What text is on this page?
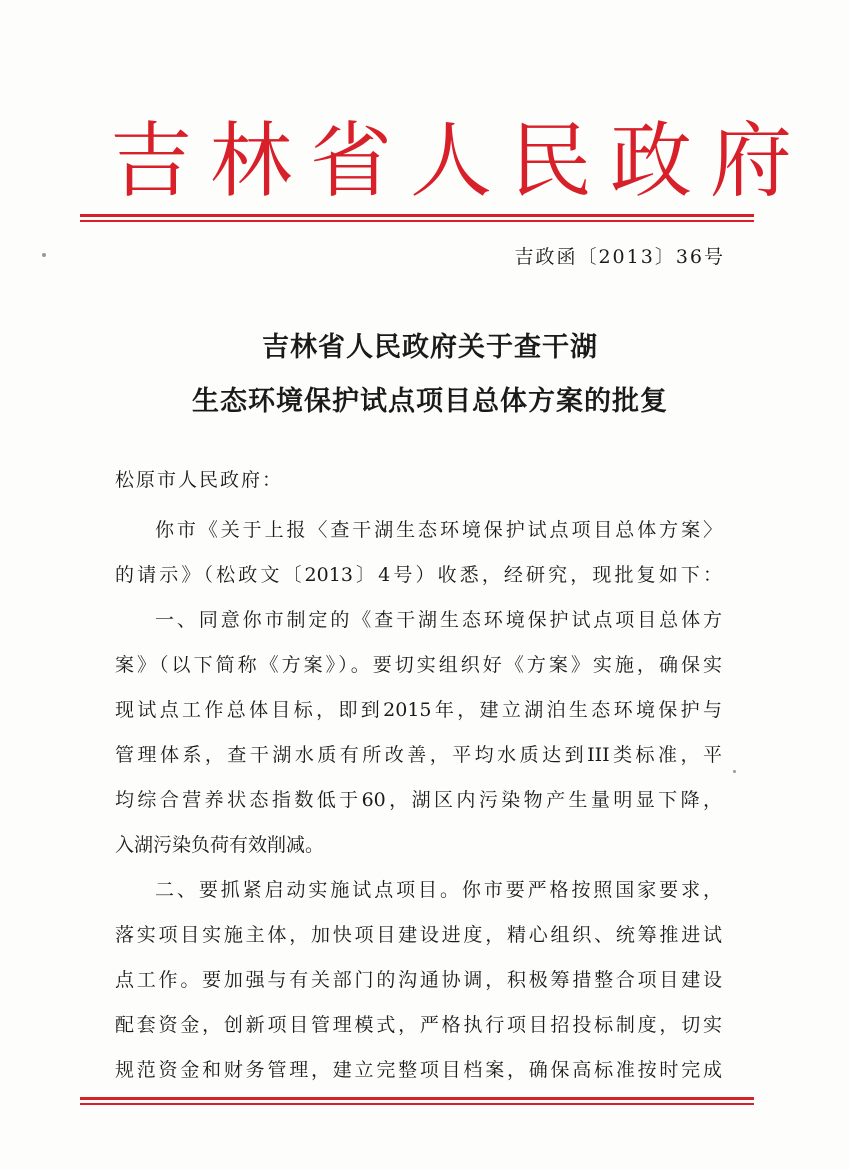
吉林省人民政府
吉政函〔2013〕36号
吉林省人民政府关于查干湖
生态环境保护试点项目总体方案的批复
松原市人民政府：

你市《关于上报〈查干湖生态环境保护试点项目总体方案〉

的请示》（松政文〔2013〕4号）收悉，经研究，现批复如下：

一、同意你市制定的《查干湖生态环境保护试点项目总体方

案》（以下简称《方案》）。要切实组织好《方案》实施，确保实

现试点工作总体目标，即到2015年，建立湖泊生态环境保护与

管理体系，查干湖水质有所改善，平均水质达到III类标准，平

均综合营养状态指数低于60，湖区内污染物产生量明显下降，

入湖污染负荷有效削减。

二、要抓紧启动实施试点项目。你市要严格按照国家要求，

落实项目实施主体，加快项目建设进度，精心组织、统筹推进试

点工作。要加强与有关部门的沟通协调，积极筹措整合项目建设

配套资金，创新项目管理模式，严格执行项目招投标制度，切实

规范资金和财务管理，建立完整项目档案，确保高标准按时完成
